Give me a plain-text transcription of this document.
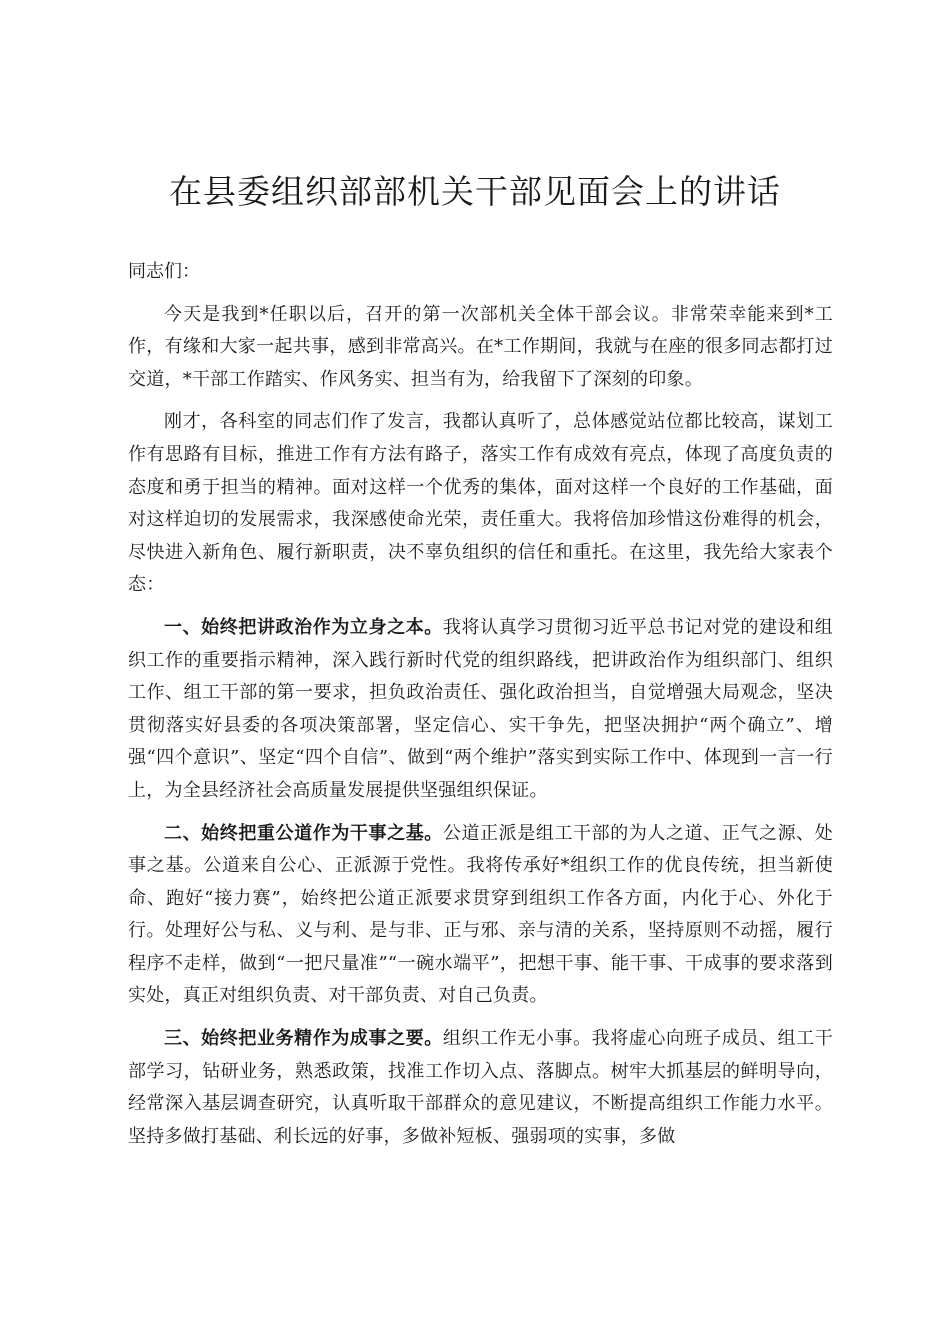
在县委组织部部机关干部见面会上的讲话

同志们：

今天是我到*任职以后，召开的第一次部机关全体干部会议。非常荣幸能来到*工作，有缘和大家一起共事，感到非常高兴。在*工作期间，我就与在座的很多同志都打过交道，*干部工作踏实、作风务实、担当有为，给我留下了深刻的印象。

刚才，各科室的同志们作了发言，我都认真听了，总体感觉站位都比较高，谋划工作有思路有目标，推进工作有方法有路子，落实工作有成效有亮点，体现了高度负责的态度和勇于担当的精神。面对这样一个优秀的集体，面对这样一个良好的工作基础，面对这样迫切的发展需求，我深感使命光荣，责任重大。我将倍加珍惜这份难得的机会，尽快进入新角色、履行新职责，决不辜负组织的信任和重托。在这里，我先给大家表个态：

一、始终把讲政治作为立身之本。我将认真学习贯彻习近平总书记对党的建设和组织工作的重要指示精神，深入践行新时代党的组织路线，把讲政治作为组织部门、组织工作、组工干部的第一要求，担负政治责任、强化政治担当，自觉增强大局观念，坚决贯彻落实好县委的各项决策部署，坚定信心、实干争先，把坚决拥护“两个确立”、增强“四个意识”、坚定“四个自信”、做到“两个维护”落实到实际工作中、体现到一言一行上，为全县经济社会高质量发展提供坚强组织保证。

二、始终把重公道作为干事之基。公道正派是组工干部的为人之道、正气之源、处事之基。公道来自公心、正派源于党性。我将传承好*组织工作的优良传统，担当新使命、跑好“接力赛”，始终把公道正派要求贯穿到组织工作各方面，内化于心、外化于行。处理好公与私、义与利、是与非、正与邪、亲与清的关系，坚持原则不动摇，履行程序不走样，做到“一把尺量准”“一碗水端平”，把想干事、能干事、干成事的要求落到实处，真正对组织负责、对干部负责、对自己负责。

三、始终把业务精作为成事之要。组织工作无小事。我将虚心向班子成员、组工干部学习，钻研业务，熟悉政策，找准工作切入点、落脚点。树牢大抓基层的鲜明导向，经常深入基层调查研究，认真听取干部群众的意见建议，不断提高组织工作能力水平。坚持多做打基础、利长远的好事，多做补短板、强弱项的实事，多做
